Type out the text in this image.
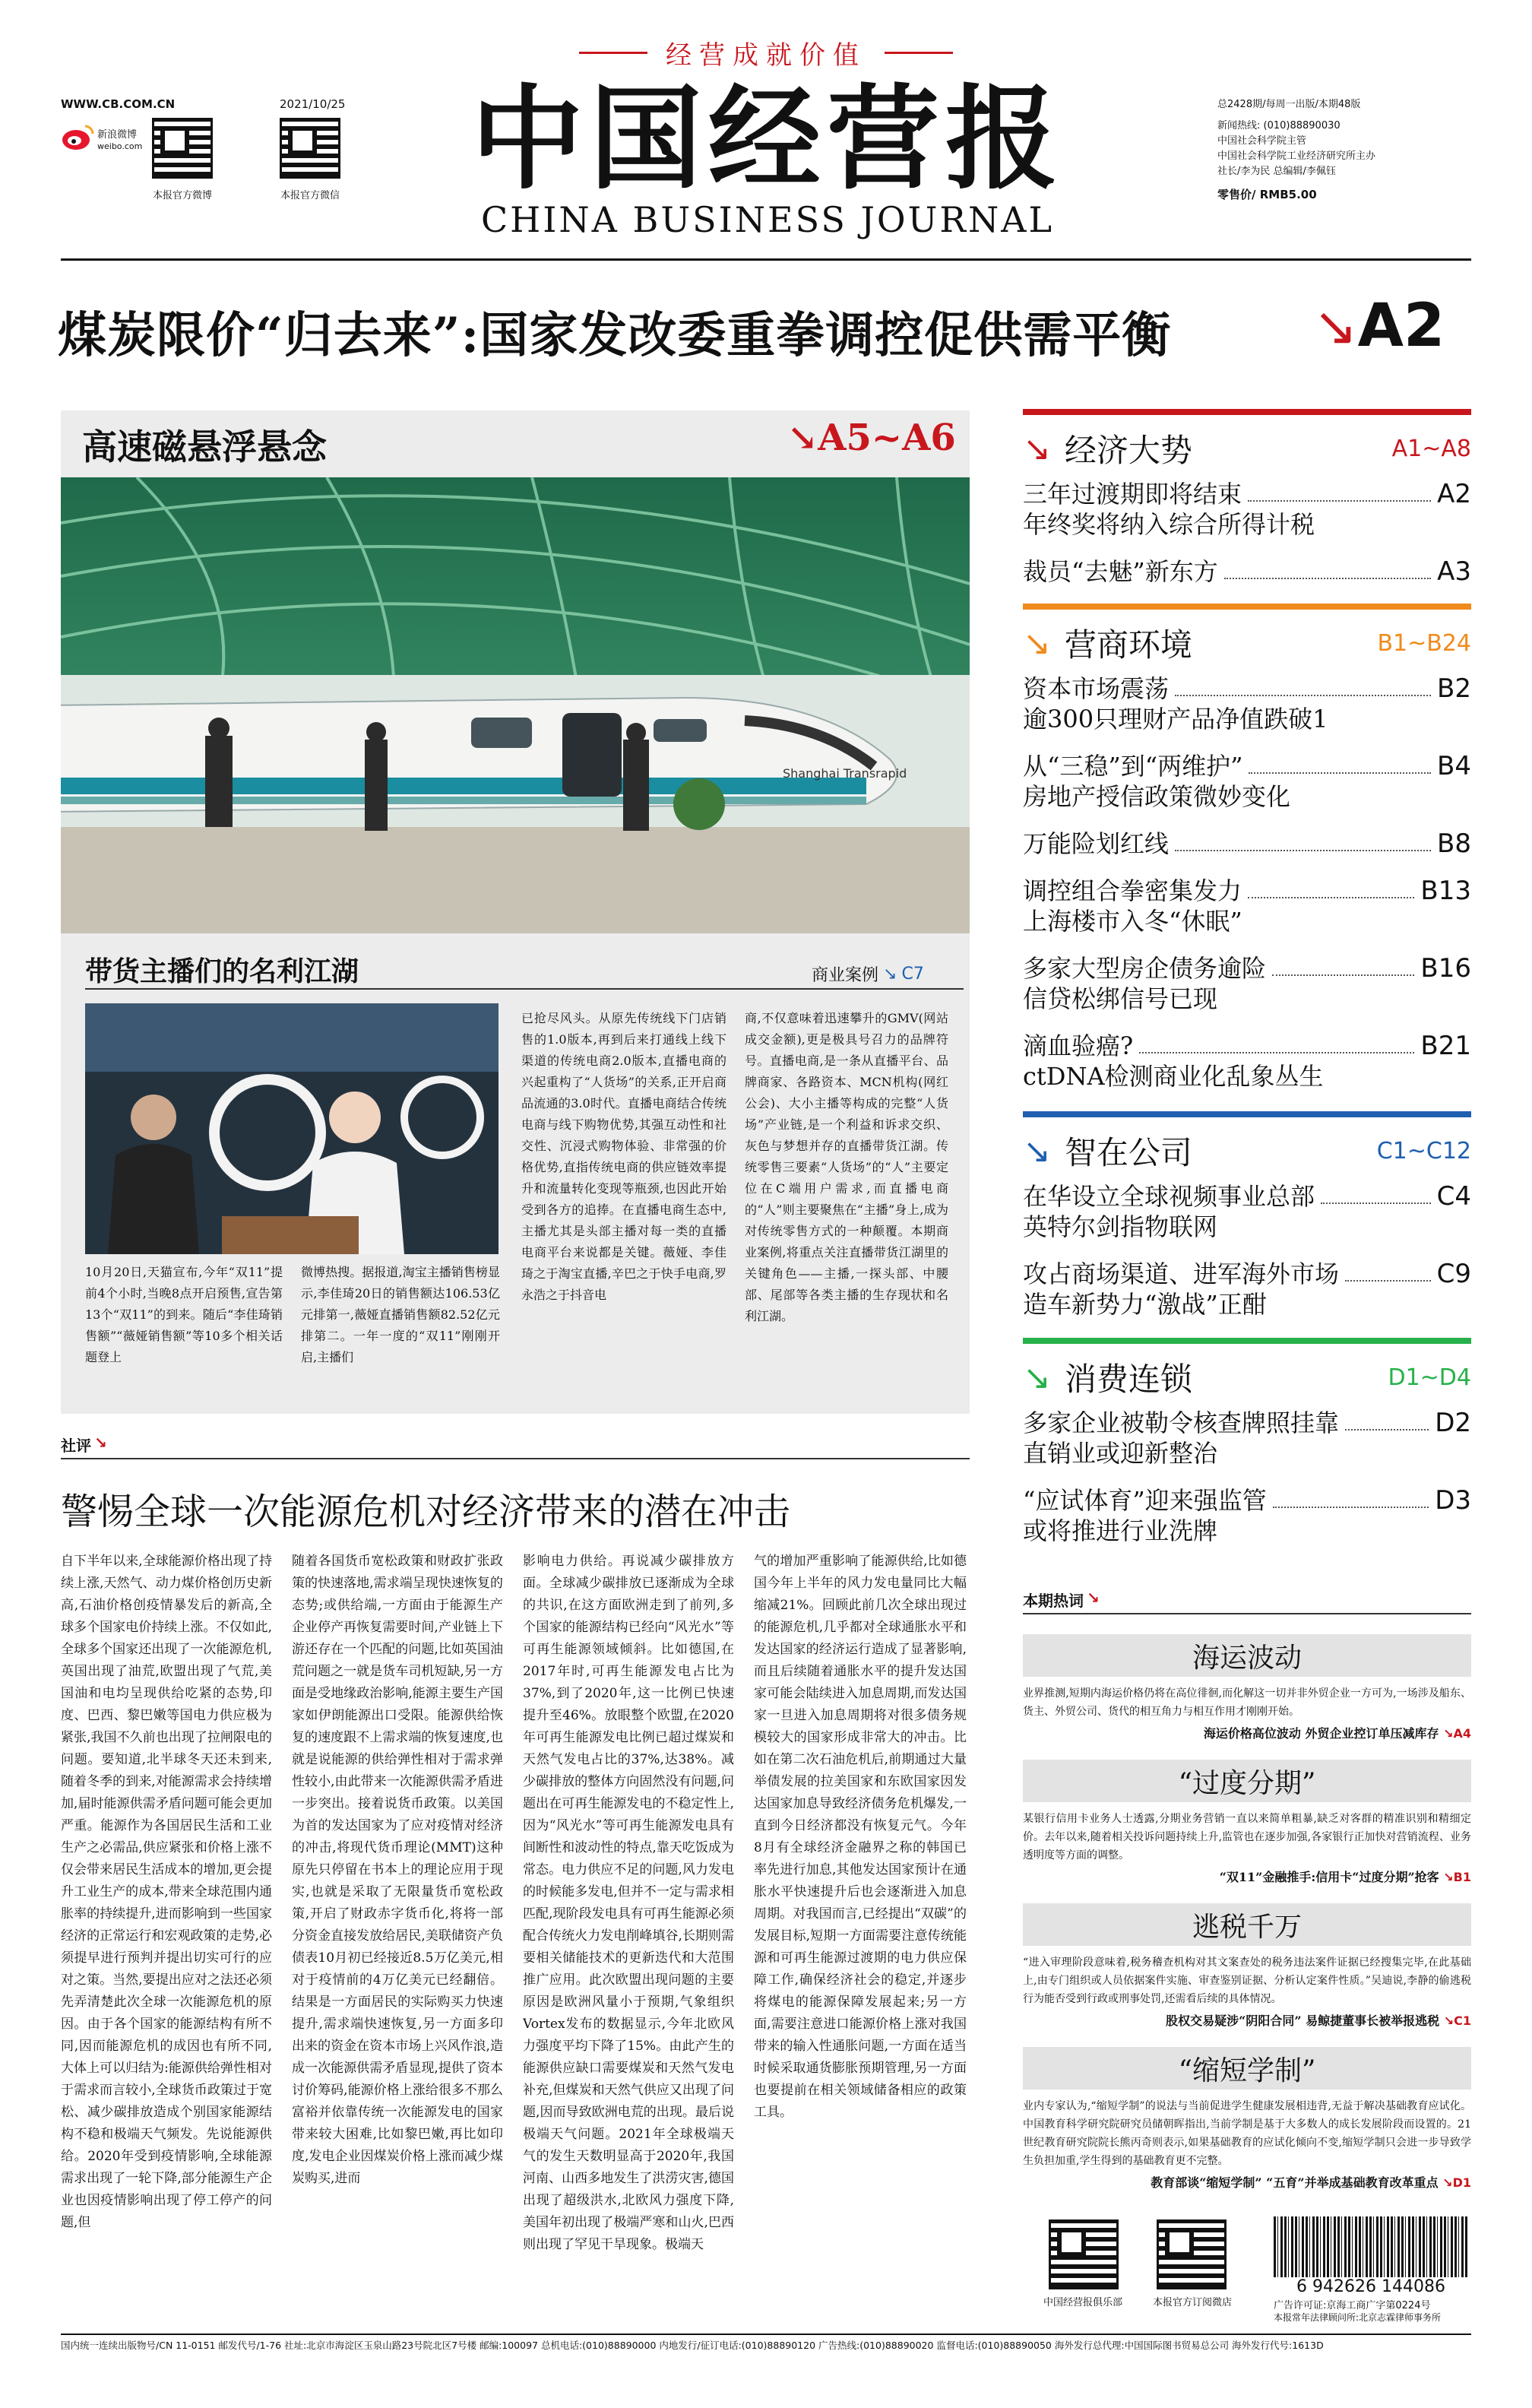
经营成就价值
中国经营报
CHINA BUSINESS JOURNAL
WWW.CB.COM.CN	2021/10/25
新浪微博
weibo.com
本报官方微博	本报官方微信
总2428期/每周一出版/本期48版
新闻热线: (010)88890030
中国社会科学院主管
中国社会科学院工业经济研究所主办
社长/李为民 总编辑/李佩钰
零售价/ RMB5.00
煤炭限价“归去来”:国家发改委重拳调控促供需平衡	↘ A2
高速磁悬浮悬念	↘A5~A6
Shanghai Transrapid
带货主播们的名利江湖	商业案例 ↘ C7
10月20日,天猫宣布,今年“双11”提前4个小时,当晚8点开启预售,宣告第13个“双11”的到来。随后“李佳琦销售额”“薇娅销售额”等10多个相关话题登上
微博热搜。据报道,淘宝主播销售榜显示,李佳琦20日的销售额达106.53亿元排第一,薇娅直播销售额82.52亿元排第二。一年一度的“双11”刚刚开启,主播们
已抢尽风头。从原先传统线下门店销售的1.0版本,再到后来打通线上线下渠道的传统电商2.0版本,直播电商的兴起重构了“人货场”的关系,正开启商品流通的3.0时代。直播电商结合传统电商与线下购物优势,其强互动性和社交性、沉浸式购物体验、非常强的价格优势,直指传统电商的供应链效率提升和流量转化变现等瓶颈,也因此开始受到各方的追捧。在直播电商生态中,主播尤其是头部主播对每一类的直播电商平台来说都是关键。薇娅、李佳琦之于淘宝直播,辛巴之于快手电商,罗永浩之于抖音电
商,不仅意味着迅速攀升的GMV(网站成交金额),更是极具号召力的品牌符号。直播电商,是一条从直播平台、品牌商家、各路资本、MCN机构(网红公会)、大小主播等构成的完整“人货场”产业链,是一个利益和诉求交织、灰色与梦想并存的直播带货江湖。传统零售三要素“人货场”的“人”主要定位在C端用户需求,而直播电商的“人”则主要聚焦在“主播”身上,成为对传统零售方式的一种颠覆。本期商业案例,将重点关注直播带货江湖里的关键角色——主播,一探头部、中腰部、尾部等各类主播的生存现状和名利江湖。
社评 ↘
警惕全球一次能源危机对经济带来的潜在冲击
自下半年以来,全球能源价格出现了持续上涨,天然气、动力煤价格创历史新高,石油价格创疫情暴发后的新高,全球多个国家电价持续上涨。不仅如此,全球多个国家还出现了一次能源危机,英国出现了油荒,欧盟出现了气荒,美国油和电均呈现供给吃紧的态势,印度、巴西、黎巴嫩等国电力供应极为紧张,我国不久前也出现了拉闸限电的问题。要知道,北半球冬天还未到来,随着冬季的到来,对能源需求会持续增加,届时能源供需矛盾问题可能会更加严重。能源作为各国居民生活和工业生产之必需品,供应紧张和价格上涨不仅会带来居民生活成本的增加,更会提升工业生产的成本,带来全球范围内通胀率的持续提升,进而影响到一些国家经济的正常运行和宏观政策的走势,必须提早进行预判并提出切实可行的应对之策。当然,要提出应对之法还必须先弄清楚此次全球一次能源危机的原因。由于各个国家的能源结构有所不同,因而能源危机的成因也有所不同,大体上可以归结为:能源供给弹性相对于需求而言较小,全球货币政策过于宽松、减少碳排放造成个别国家能源结构不稳和极端天气频发。先说能源供给。2020年受到疫情影响,全球能源需求出现了一轮下降,部分能源生产企业也因疫情影响出现了停工停产的问题,但
随着各国货币宽松政策和财政扩张政策的快速落地,需求端呈现快速恢复的态势;或供给端,一方面由于能源生产企业停产再恢复需要时间,产业链上下游还存在一个匹配的问题,比如英国油荒问题之一就是货车司机短缺,另一方面是受地缘政治影响,能源主要生产国家如伊朗能源出口受限。能源供给恢复的速度跟不上需求端的恢复速度,也就是说能源的供给弹性相对于需求弹性较小,由此带来一次能源供需矛盾进一步突出。接着说货币政策。以美国为首的发达国家为了应对疫情对经济的冲击,将现代货币理论(MMT)这种原先只停留在书本上的理论应用于现实,也就是采取了无限量货币宽松政策,开启了财政赤字货币化,将将一部分资金直接发放给居民,美联储资产负债表10月初已经接近8.5万亿美元,相对于疫情前的4万亿美元已经翻倍。结果是一方面居民的实际购买力快速提升,需求端快速恢复,另一方面多印出来的资金在资本市场上兴风作浪,造成一次能源供需矛盾显现,提供了资本讨价筹码,能源价格上涨给很多不那么富裕并依靠传统一次能源发电的国家带来较大困难,比如黎巴嫩,再比如印度,发电企业因煤炭价格上涨而减少煤炭购买,进而
影响电力供给。再说减少碳排放方面。全球减少碳排放已逐渐成为全球的共识,在这方面欧洲走到了前列,多个国家的能源结构已经向“风光水”等可再生能源领域倾斜。比如德国,在2017年时,可再生能源发电占比为37%,到了2020年,这一比例已快速提升至46%。放眼整个欧盟,在2020年可再生能源发电比例已超过煤炭和天然气发电占比的37%,达38%。减少碳排放的整体方向固然没有问题,问题出在可再生能源发电的不稳定性上,因为“风光水”等可再生能源发电具有间断性和波动性的特点,靠天吃饭成为常态。电力供应不足的问题,风力发电的时候能多发电,但并不一定与需求相匹配,现阶段发电具有可再生能源必须配合传统火力发电削峰填谷,长期则需要相关储能技术的更新迭代和大范围推广应用。此次欧盟出现问题的主要原因是欧洲风量小于预期,气象组织Vortex发布的数据显示,今年北欧风力强度平均下降了15%。由此产生的能源供应缺口需要煤炭和天然气发电补充,但煤炭和天然气供应又出现了问题,因而导致欧洲电荒的出现。最后说极端天气问题。2021年全球极端天气的发生天数明显高于2020年,我国河南、山西多地发生了洪涝灾害,德国出现了超级洪水,北欧风力强度下降,美国年初出现了极端严寒和山火,巴西则出现了罕见干旱现象。极端天
气的增加严重影响了能源供给,比如德国今年上半年的风力发电量同比大幅缩减21%。回顾此前几次全球出现过的能源危机,几乎都对全球通胀水平和发达国家的经济运行造成了显著影响,而且后续随着通胀水平的提升发达国家可能会陆续进入加息周期,而发达国家一旦进入加息周期将对很多债务规模较大的国家形成非常大的冲击。比如在第二次石油危机后,前期通过大量举债发展的拉美国家和东欧国家因发达国家加息导致经济债务危机爆发,一直到今日经济都没有恢复元气。今年8月有全球经济金融界之称的韩国已率先进行加息,其他发达国家预计在通胀水平快速提升后也会逐渐进入加息周期。对我国而言,已经提出“双碳”的发展目标,短期一方面需要注意传统能源和可再生能源过渡期的电力供应保障工作,确保经济社会的稳定,并逐步将煤电的能源保障发展起来;另一方面,需要注意进口能源价格上涨对我国带来的输入性通胀问题,一方面在适当时候采取通货膨胀预期管理,另一方面也要提前在相关领域储备相应的政策工具。
↘ 经济大势	A1~A8
三年过渡期即将结束	A2
年终奖将纳入综合所得计税
裁员“去魅”新东方	A3
↘ 营商环境	B1~B24
资本市场震荡	B2
逾300只理财产品净值跌破1
从“三稳”到“两维护”	B4
房地产授信政策微妙变化
万能险划红线	B8
调控组合拳密集发力	B13
上海楼市入冬“休眠”
多家大型房企债务逾险	B16
信贷松绑信号已现
滴血验癌?	B21
ctDNA检测商业化乱象丛生
↘ 智在公司	C1~C12
在华设立全球视频事业总部	C4
英特尔剑指物联网
攻占商场渠道、进军海外市场	C9
造车新势力“激战”正酣
↘ 消费连锁	D1~D4
多家企业被勒令核查牌照挂靠	D2
直销业或迎新整治
“应试体育”迎来强监管	D3
或将推进行业洗牌
本期热词 ↘
海运波动
业界推测,短期内海运价格仍将在高位徘徊,而化解这一切并非外贸企业一方可为,一场涉及船东、货主、外贸公司、货代的相互角力与相互作用才刚刚开始。
海运价格高位波动 外贸企业控订单压减库存 ↘A4
“过度分期”
某银行信用卡业务人士透露,分期业务营销一直以来简单粗暴,缺乏对客群的精准识别和精细定价。去年以来,随着相关投诉问题持续上升,监管也在逐步加强,各家银行正加快对营销流程、业务透明度等方面的调整。
“双11”金融推手:信用卡“过度分期”抢客 ↘B1
逃税千万
“进入审理阶段意味着,税务稽查机构对其文案查处的税务违法案件证据已经搜集完毕,在此基础上,由专门组织或人员依据案件实施、审查鉴别证据、分析认定案件性质。”吴迪说,李静的偷逃税行为能否受到行政或刑事处罚,还需看后续的具体情况。
股权交易疑涉“阴阳合同” 易鲸捷董事长被举报逃税 ↘C1
“缩短学制”
业内专家认为,“缩短学制”的说法与当前促进学生健康发展相违背,无益于解决基础教育应试化。中国教育科学研究院研究员储朝晖指出,当前学制是基于大多数人的成长发展阶段而设置的。21世纪教育研究院院长熊丙奇则表示,如果基础教育的应试化倾向不变,缩短学制只会进一步导致学生负担加重,学生得到的基础教育更不完整。
教育部谈“缩短学制” “五育”并举成基础教育改革重点 ↘D1
中国经营报俱乐部	本报官方订阅微店
6 942626 144086
广告许可证:京海工商广字第0224号
本报常年法律顾问所:北京志霖律师事务所
国内统一连续出版物号/CN 11-0151 邮发代号/1-76 社址:北京市海淀区玉泉山路23号院北区7号楼 邮编:100097 总机电话:(010)88890000 内地发行/征订电话:(010)88890120 广告热线:(010)88890020 监督电话:(010)88890050 海外发行总代理:中国国际图书贸易总公司 海外发行代号:1613D
